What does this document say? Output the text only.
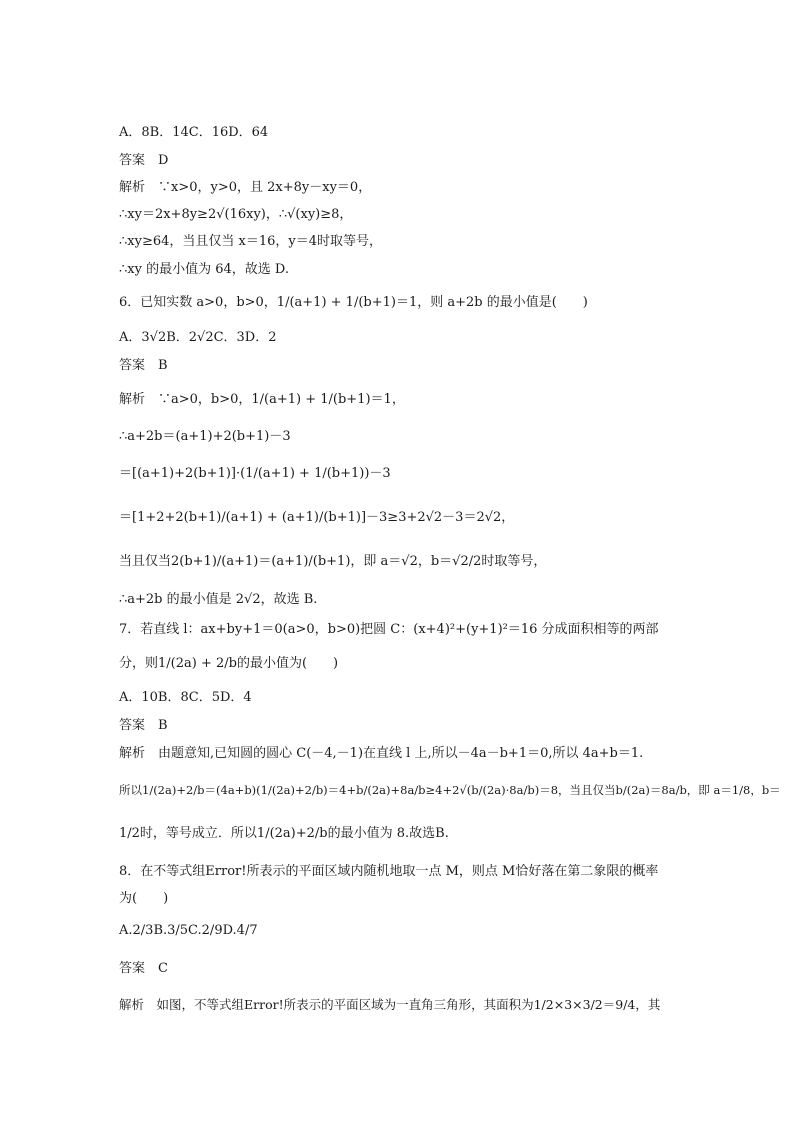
A．8B．14C．16D．64
答案　D
解析　∵x>0，y>0，且 2x+8y－xy＝0，
∴xy＝2x+8y≥2√(16xy)，∴√(xy)≥8，
∴xy≥64，当且仅当 x＝16，y＝4时取等号，
∴xy 的最小值为 64，故选 D.
6．已知实数 a>0，b>0，1/(a+1) + 1/(b+1)＝1，则 a+2b 的最小值是(　　)
A．3√2B．2√2C．3D．2
答案　B
解析　∵a>0，b>0，1/(a+1) + 1/(b+1)＝1，
∴a+2b＝(a+1)+2(b+1)－3
＝[(a+1)+2(b+1)]·(1/(a+1) + 1/(b+1))－3
＝[1+2+2(b+1)/(a+1) + (a+1)/(b+1)]－3≥3+2√2－3＝2√2，
当且仅当2(b+1)/(a+1)＝(a+1)/(b+1)，即 a＝√2，b＝√2/2时取等号，
∴a+2b 的最小值是 2√2，故选 B.
7．若直线 l：ax+by+1＝0(a>0，b>0)把圆 C：(x+4)²+(y+1)²＝16 分成面积相等的两部
分，则1/(2a) + 2/b的最小值为(　　)
A．10B．8C．5D．4
答案　B
解析　由题意知,已知圆的圆心 C(－4,－1)在直线 l 上,所以－4a－b+1＝0,所以 4a+b＝1.
所以1/(2a)+2/b＝(4a+b)(1/(2a)+2/b)＝4+b/(2a)+8a/b≥4+2√(b/(2a)·8a/b)＝8，当且仅当b/(2a)＝8a/b，即 a＝1/8，b＝
1/2时，等号成立．所以1/(2a)+2/b的最小值为 8.故选B.
8．在不等式组Error!所表示的平面区域内随机地取一点 M，则点 M恰好落在第二象限的概率
为(　　)
A.2/3B.3/5C.2/9D.4/7
答案　C
解析　如图，不等式组Error!所表示的平面区域为一直角三角形，其面积为1/2×3×3/2＝9/4，其
